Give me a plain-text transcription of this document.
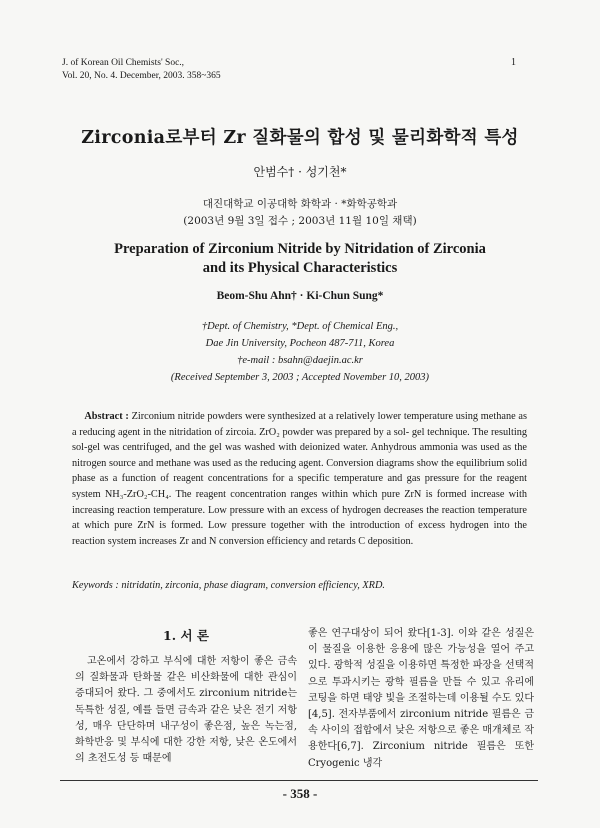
J. of Korean Oil Chemists' Soc.,
Vol. 20, No. 4. December, 2003. 358~365
1
Zirconia로부터 Zr 질화물의 합성 및 물리화학적 특성
안범수† · 성기천*
대진대학교 이공대학 화학과 · *화학공학과
(2003년 9월 3일 접수 ; 2003년 11월 10일 채택)
Preparation of Zirconium Nitride by Nitridation of Zirconia
and its Physical Characteristics
Beom-Shu Ahn† · Ki-Chun Sung*
†Dept. of Chemistry, *Dept. of Chemical Eng.,
Dae Jin University, Pocheon 487-711, Korea
†e-mail : bsahn@daejin.ac.kr
(Received September 3, 2003 ; Accepted November 10, 2003)
Abstract : Zirconium nitride powders were synthesized at a relatively lower temperature using methane as a reducing agent in the nitridation of zircoia. ZrO₂ powder was prepared by a sol- gel technique. The resulting sol-gel was centrifuged, and the gel was washed with deionized water. Anhydrous ammonia was used as the nitrogen source and methane was used as the reducing agent. Conversion diagrams show the equilibrium solid phase as a function of reagent concentrations for a specific temperature and gas pressure for the reagent system NH₃-ZrO₂-CH₄. The reagent concentration ranges within which pure ZrN is formed increase with increasing reaction temperature. Low pressure with an excess of hydrogen decreases the reaction temperature at which pure ZrN is formed. Low pressure together with the introduction of excess hydrogen into the reaction system increases Zr and N conversion efficiency and retards C deposition.
Keywords : nitridatin, zirconia, phase diagram, conversion efficiency, XRD.
1. 서 론
고온에서 강하고 부식에 대한 저항이 좋은 금속의 질화물과 탄화물 같은 비산화물에 대한 관심이 증대되어 왔다. 그 중에서도 zirconium nitride는 독특한 성질, 예를 들면 금속과 같은 낮은 전기 저항성, 매우 단단하며 내구성이 좋은점, 높은 녹는점, 화학반응 및 부식에 대한 강한 저항, 낮은 온도에서의 초전도성 등 때문에
좋은 연구대상이 되어 왔다[1-3]. 이와 같은 성질은 이 물질을 이용한 응용에 많은 가능성을 열어 주고 있다. 광학적 성질을 이용하면 특정한 파장을 선택적으로 투과시키는 광학 필름을 만들 수 있고 유리에 코팅을 하면 태양 빛을 조절하는데 이용될 수도 있다[4,5]. 전자부품에서 zirconium nitride 필름은 금속 사이의 접합에서 낮은 저항으로 좋은 매개체로 작용한다[6,7]. Zirconium nitride 필름은 또한 Cryogenic 냉각
- 358 -
